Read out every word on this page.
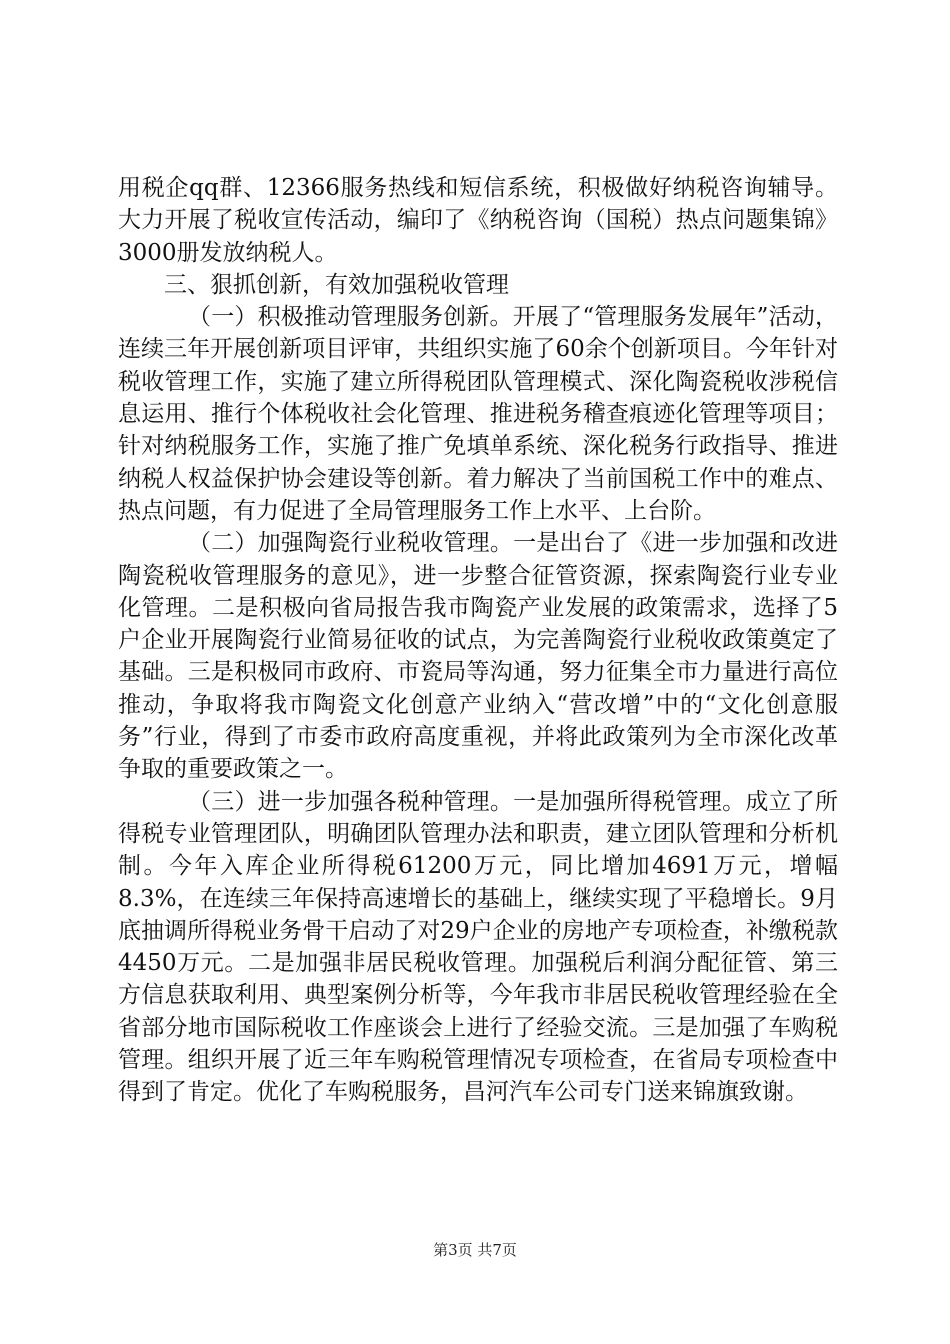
用税企qq群、12366服务热线和短信系统，积极做好纳税咨询辅导。大力开展了税收宣传活动，编印了《纳税咨询（国税）热点问题集锦》3000册发放纳税人。

三、狠抓创新，有效加强税收管理

（一）积极推动管理服务创新。开展了“管理服务发展年”活动，连续三年开展创新项目评审，共组织实施了60余个创新项目。今年针对税收管理工作，实施了建立所得税团队管理模式、深化陶瓷税收涉税信息运用、推行个体税收社会化管理、推进税务稽查痕迹化管理等项目；针对纳税服务工作，实施了推广免填单系统、深化税务行政指导、推进纳税人权益保护协会建设等创新。着力解决了当前国税工作中的难点、热点问题，有力促进了全局管理服务工作上水平、上台阶。

（二）加强陶瓷行业税收管理。一是出台了《进一步加强和改进陶瓷税收管理服务的意见》，进一步整合征管资源，探索陶瓷行业专业化管理。二是积极向省局报告我市陶瓷产业发展的政策需求，选择了5户企业开展陶瓷行业简易征收的试点，为完善陶瓷行业税收政策奠定了基础。三是积极同市政府、市瓷局等沟通，努力征集全市力量进行高位推动，争取将我市陶瓷文化创意产业纳入“营改增”中的“文化创意服务”行业，得到了市委市政府高度重视，并将此政策列为全市深化改革争取的重要政策之一。

（三）进一步加强各税种管理。一是加强所得税管理。成立了所得税专业管理团队，明确团队管理办法和职责，建立团队管理和分析机制。今年入库企业所得税61200万元，同比增加4691万元，增幅8.3%，在连续三年保持高速增长的基础上，继续实现了平稳增长。9月底抽调所得税业务骨干启动了对29户企业的房地产专项检查，补缴税款4450万元。二是加强非居民税收管理。加强税后利润分配征管、第三方信息获取利用、典型案例分析等，今年我市非居民税收管理经验在全省部分地市国际税收工作座谈会上进行了经验交流。三是加强了车购税管理。组织开展了近三年车购税管理情况专项检查，在省局专项检查中得到了肯定。优化了车购税服务，昌河汽车公司专门送来锦旗致谢。

第3页 共7页
